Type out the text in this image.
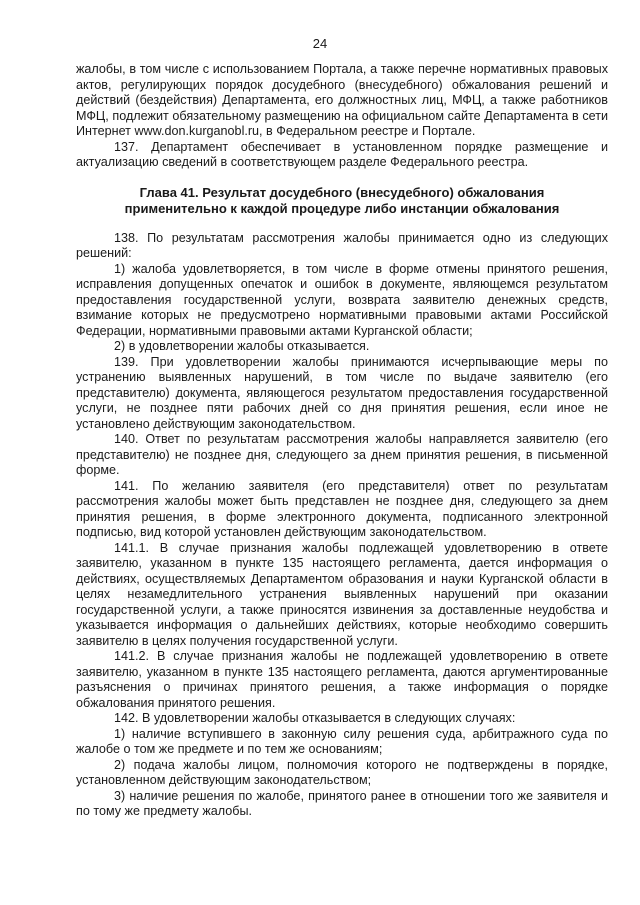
24

жалобы, в том числе с использованием Портала, а также перечне нормативных правовых актов, регулирующих порядок досудебного (внесудебного) обжалования решений и действий (бездействия) Департамента, его должностных лиц, МФЦ, а также работников МФЦ, подлежит обязательному размещению на официальном сайте Департамента в сети Интернет www.don.kurganobl.ru, в Федеральном реестре и Портале.

137. Департамент обеспечивает в установленном порядке размещение и актуализацию сведений в соответствующем разделе Федерального реестра.

Глава 41. Результат досудебного (внесудебного) обжалования
применительно к каждой процедуре либо инстанции обжалования

138. По результатам рассмотрения жалобы принимается одно из следующих решений:

1) жалоба удовлетворяется, в том числе в форме отмены принятого решения, исправления допущенных опечаток и ошибок в документе, являющемся результатом предоставления государственной услуги, возврата заявителю денежных средств, взимание которых не предусмотрено нормативными правовыми актами Российской Федерации, нормативными правовыми актами Курганской области;

2) в удовлетворении жалобы отказывается.

139. При удовлетворении жалобы принимаются исчерпывающие меры по устранению выявленных нарушений, в том числе по выдаче заявителю (его представителю) документа, являющегося результатом предоставления государственной услуги, не позднее пяти рабочих дней со дня принятия решения, если иное не установлено действующим законодательством.

140. Ответ по результатам рассмотрения жалобы направляется заявителю (его представителю) не позднее дня, следующего за днем принятия решения, в письменной форме.

141. По желанию заявителя (его представителя) ответ по результатам рассмотрения жалобы может быть представлен не позднее дня, следующего за днем принятия решения, в форме электронного документа, подписанного электронной подписью, вид которой установлен действующим законодательством.

141.1. В случае признания жалобы подлежащей удовлетворению в ответе заявителю, указанном в пункте 135 настоящего регламента, дается информация о действиях, осуществляемых Департаментом образования и науки Курганской области в целях незамедлительного устранения выявленных нарушений при оказании государственной услуги, а также приносятся извинения за доставленные неудобства и указывается информация о дальнейших действиях, которые необходимо совершить заявителю в целях получения государственной услуги.

141.2. В случае признания жалобы не подлежащей удовлетворению в ответе заявителю, указанном в пункте 135 настоящего регламента, даются аргументированные разъяснения о причинах принятого решения, а также информация о порядке обжалования принятого решения.

142. В удовлетворении жалобы отказывается в следующих случаях:

1) наличие вступившего в законную силу решения суда, арбитражного суда по жалобе о том же предмете и по тем же основаниям;

2) подача жалобы лицом, полномочия которого не подтверждены в порядке, установленном действующим законодательством;

3) наличие решения по жалобе, принятого ранее в отношении того же заявителя и по тому же предмету жалобы.
